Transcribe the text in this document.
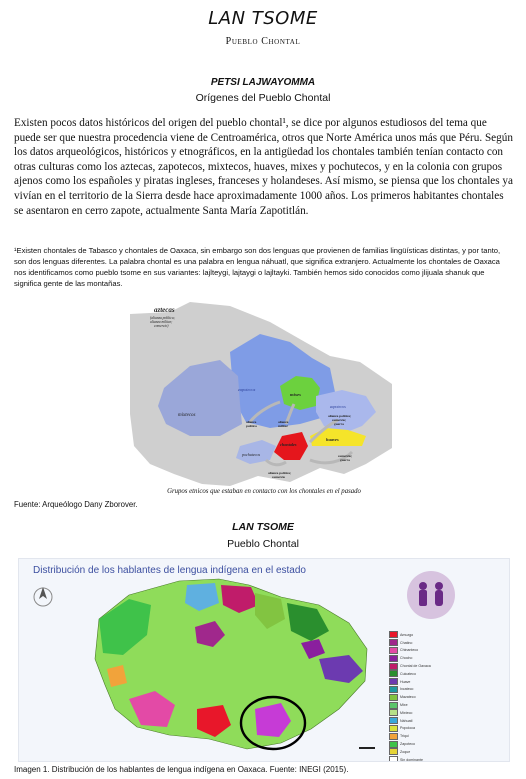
LAN TSOME
Pueblo Chontal
PETSI LAJWAYOMMA
Orígenes del Pueblo Chontal
Existen pocos datos históricos del origen del pueblo chontal¹, se dice por algunos estudiosos del tema que puede ser que nuestra procedencia viene de Centroamérica, otros que Norte América unos más que Péru. Según los datos arqueológicos, históricos y etnográficos, en la antigüedad los chontales también tenían contacto con otras culturas como los aztecas, zapotecos, mixtecos, huaves, mixes y pochutecos, y en la colonia con grupos ajenos como los españoles y piratas ingleses, franceses y holandeses. Así mismo, se piensa que los chontales ya vivían en el territorio de la Sierra desde hace aproximadamente 1000 años. Los primeros habitantes chontales se asentaron en cerro zapote, actualmente Santa María Zapotitlán.
¹Existen chontales de Tabasco y chontales de Oaxaca, sin embargo son dos lenguas que provienen de familias lingüísticas distintas, y por tanto, son dos lenguas diferentes. La palabra chontal es una palabra en lengua náhuatl, que significa extranjero. Actualmente los chontales de Oaxaca nos identificamos como pueblo tsome en sus variantes: lajlteygi, lajtaygi o lajltayki. También hemos sido conocidos como jlijuala shanuk que significa gente de las montañas.
aztecas
(alianza política;
alianza militar;
comercio)
zapotecos
mixes
mixtecos
alianza
política
alianza
militar
chontales
zapotecos
alianza política;
comercio;
guerra
huaves
pochutecos	comercio;
guerra
alianza política;
comercio
Grupos etnicos que estaban en contacto con los chontales en el pasado
Fuente: Arqueólogo Dany Zborover.
LAN TSOME
Pueblo Chontal
Distribución de los hablantes de lengua indígena en el estado
Amuzgo
Chatino
Chinanteco
Chocho
Chontal de Oaxaca
Cuicateco
Huave
Ixcateco
Mazateco
Mixe
Mixteco
Náhuatl
Popoloca
Triqui
Zapoteco
Zoque
Sin dominante
Imagen 1. Distribución de los hablantes de lengua indígena en Oaxaca. Fuente: INEGI (2015).
